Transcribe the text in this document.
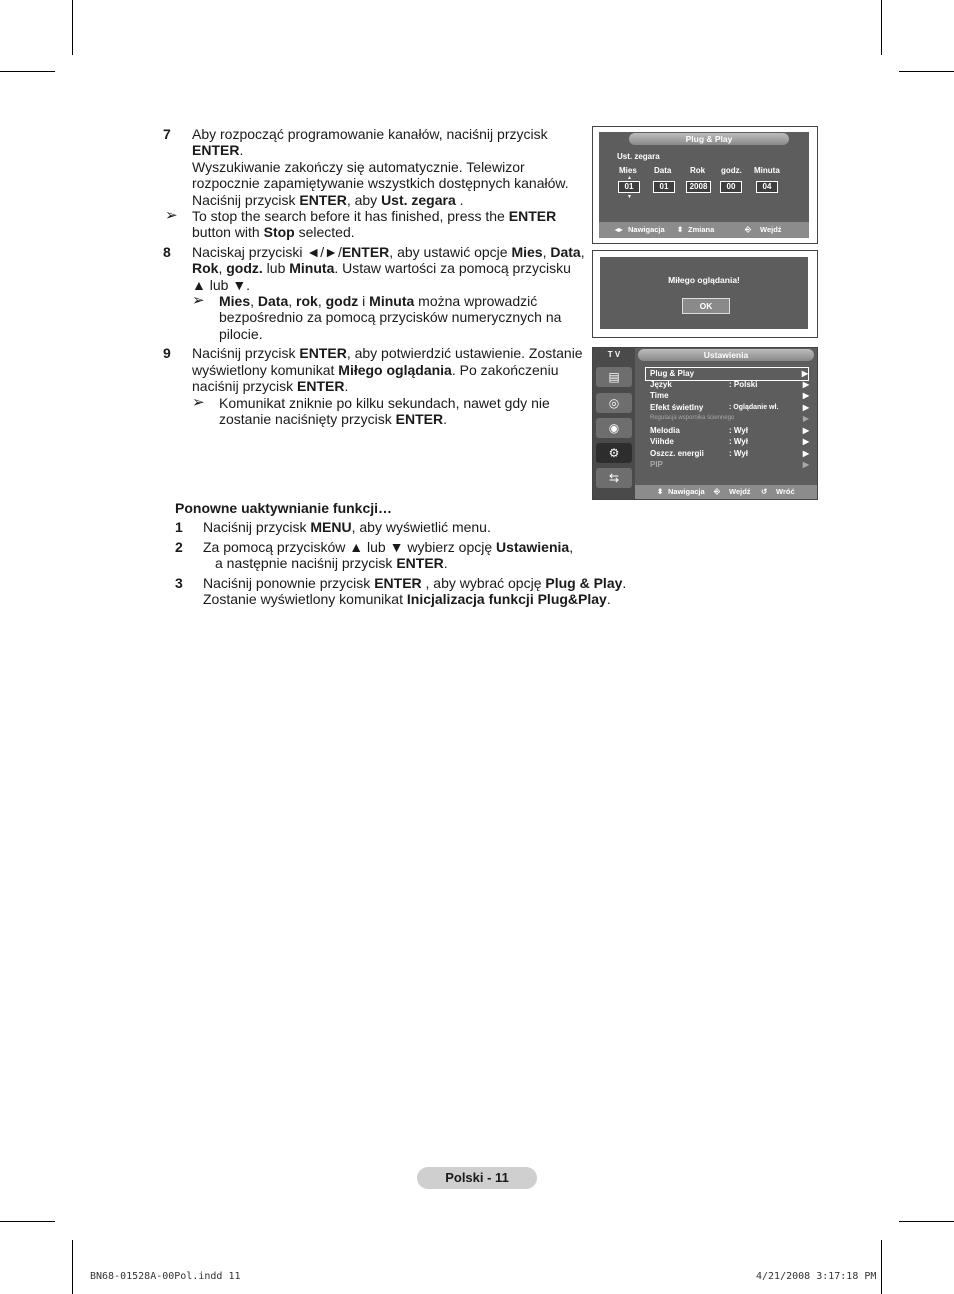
7 Aby rozpocząć programowanie kanałów, naciśnij przycisk
ENTER.
Wyszukiwanie zakończy się automatycznie. Telewizor rozpocznie zapamiętywanie wszystkich dostępnych kanałów.
Naciśnij przycisk ENTER, aby Ust. zegara .
➢ To stop the search before it has finished, press the ENTER button with Stop selected.
8 Naciskaj przyciski ◄/►/ENTER, aby ustawić opcje Mies, Data, Rok, godz. lub Minuta. Ustaw wartości za pomocą przycisku ▲ lub ▼.
➢ Mies, Data, rok, godz i Minuta można wprowadzić bezpośrednio za pomocą przycisków numerycznych na pilocie.
9 Naciśnij przycisk ENTER, aby potwierdzić ustawienie. Zostanie wyświetlony komunikat Miłego oglądania. Po zakończeniu naciśnij przycisk ENTER.
➢ Komunikat zniknie po kilku sekundach, nawet gdy nie zostanie naciśnięty przycisk ENTER.
Ponowne uaktywnianie funkcji…
1 Naciśnij przycisk MENU, aby wyświetlić menu.
2 Za pomocą przycisków ▲ lub ▼ wybierz opcję Ustawienia,
a następnie naciśnij przycisk ENTER.
3 Naciśnij ponownie przycisk ENTER , aby wybrać opcję Plug & Play.
Zostanie wyświetlony komunikat Inicjalizacja funkcji Plug&Play.
Plug & Play
Ust. zegara
Mies Data Rok godz. Minuta
▲
01	01	2008	00	04
▼
◂▸ Nawigacja ⬍ Zmiana	⎆ Wejdź
Miłego oglądania!
OK
T V
▤
◎
◉
⚙
⇆
Ustawienia
Plug & Play	▶
Język	: Polski	▶
Time	▶
Efekt świetlny	: Oglądanie wł.	▶
Regulacja wspornika ściennego	▶
Melodia	: Wył	▶
Viihde	: Wył	▶
Oszcz. energii	: Wył	▶
PIP	▶
⬍ Nawigacja ⎆ Wejdź ↺ Wróć
Polski - 11
BN68-01528A-00Pol.indd 11	4/21/2008 3:17:18 PM
